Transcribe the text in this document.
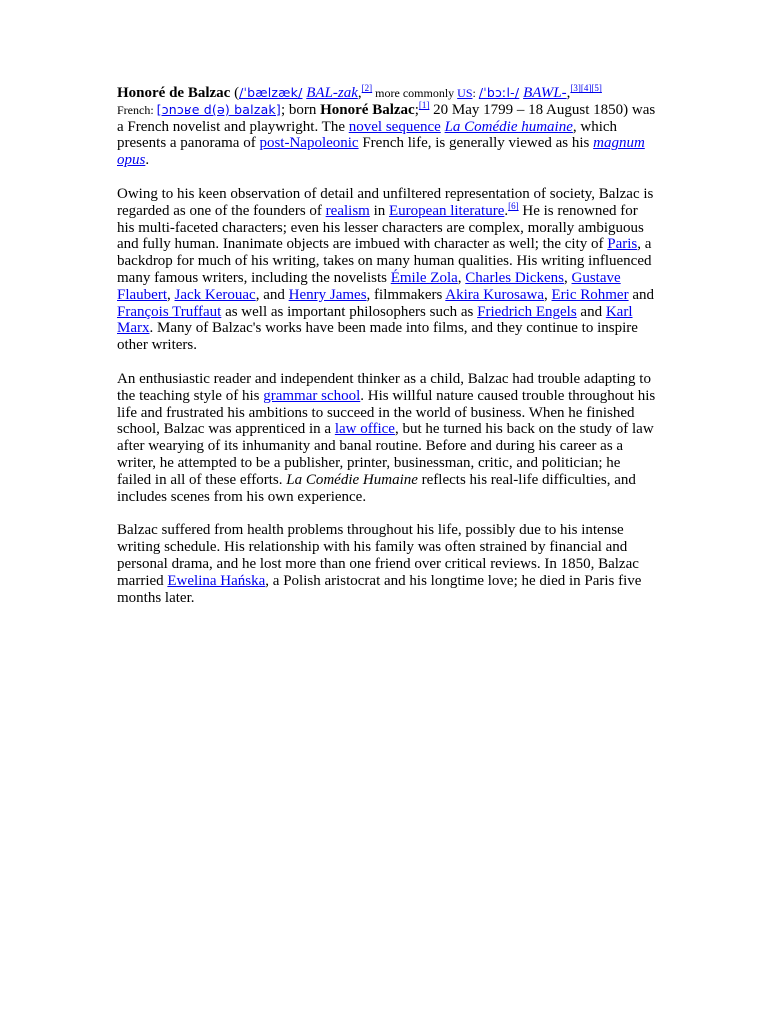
Honoré de Balzac (/ˈbælzæk/ BAL-zak,[2] more commonly US: /ˈbɔːl-/ BAWL-,[3][4][5]
French: [ɔnɔʁe d(ə) balzak]; born Honoré Balzac;[1] 20 May 1799 – 18 August 1850) was a French novelist and playwright. The novel sequence La Comédie humaine, which presents a panorama of post-Napoleonic French life, is generally viewed as his magnum opus.

Owing to his keen observation of detail and unfiltered representation of society, Balzac is regarded as one of the founders of realism in European literature.[6] He is renowned for his multi-faceted characters; even his lesser characters are complex, morally ambiguous and fully human. Inanimate objects are imbued with character as well; the city of Paris, a backdrop for much of his writing, takes on many human qualities. His writing influenced many famous writers, including the novelists Émile Zola, Charles Dickens, Gustave Flaubert, Jack Kerouac, and Henry James, filmmakers Akira Kurosawa, Eric Rohmer and François Truffaut as well as important philosophers such as Friedrich Engels and Karl Marx. Many of Balzac's works have been made into films, and they continue to inspire other writers.

An enthusiastic reader and independent thinker as a child, Balzac had trouble adapting to the teaching style of his grammar school. His willful nature caused trouble throughout his life and frustrated his ambitions to succeed in the world of business. When he finished school, Balzac was apprenticed in a law office, but he turned his back on the study of law after wearying of its inhumanity and banal routine. Before and during his career as a writer, he attempted to be a publisher, printer, businessman, critic, and politician; he failed in all of these efforts. La Comédie Humaine reflects his real-life difficulties, and includes scenes from his own experience.

Balzac suffered from health problems throughout his life, possibly due to his intense writing schedule. His relationship with his family was often strained by financial and personal drama, and he lost more than one friend over critical reviews. In 1850, Balzac married Ewelina Hańska, a Polish aristocrat and his longtime love; he died in Paris five months later.
